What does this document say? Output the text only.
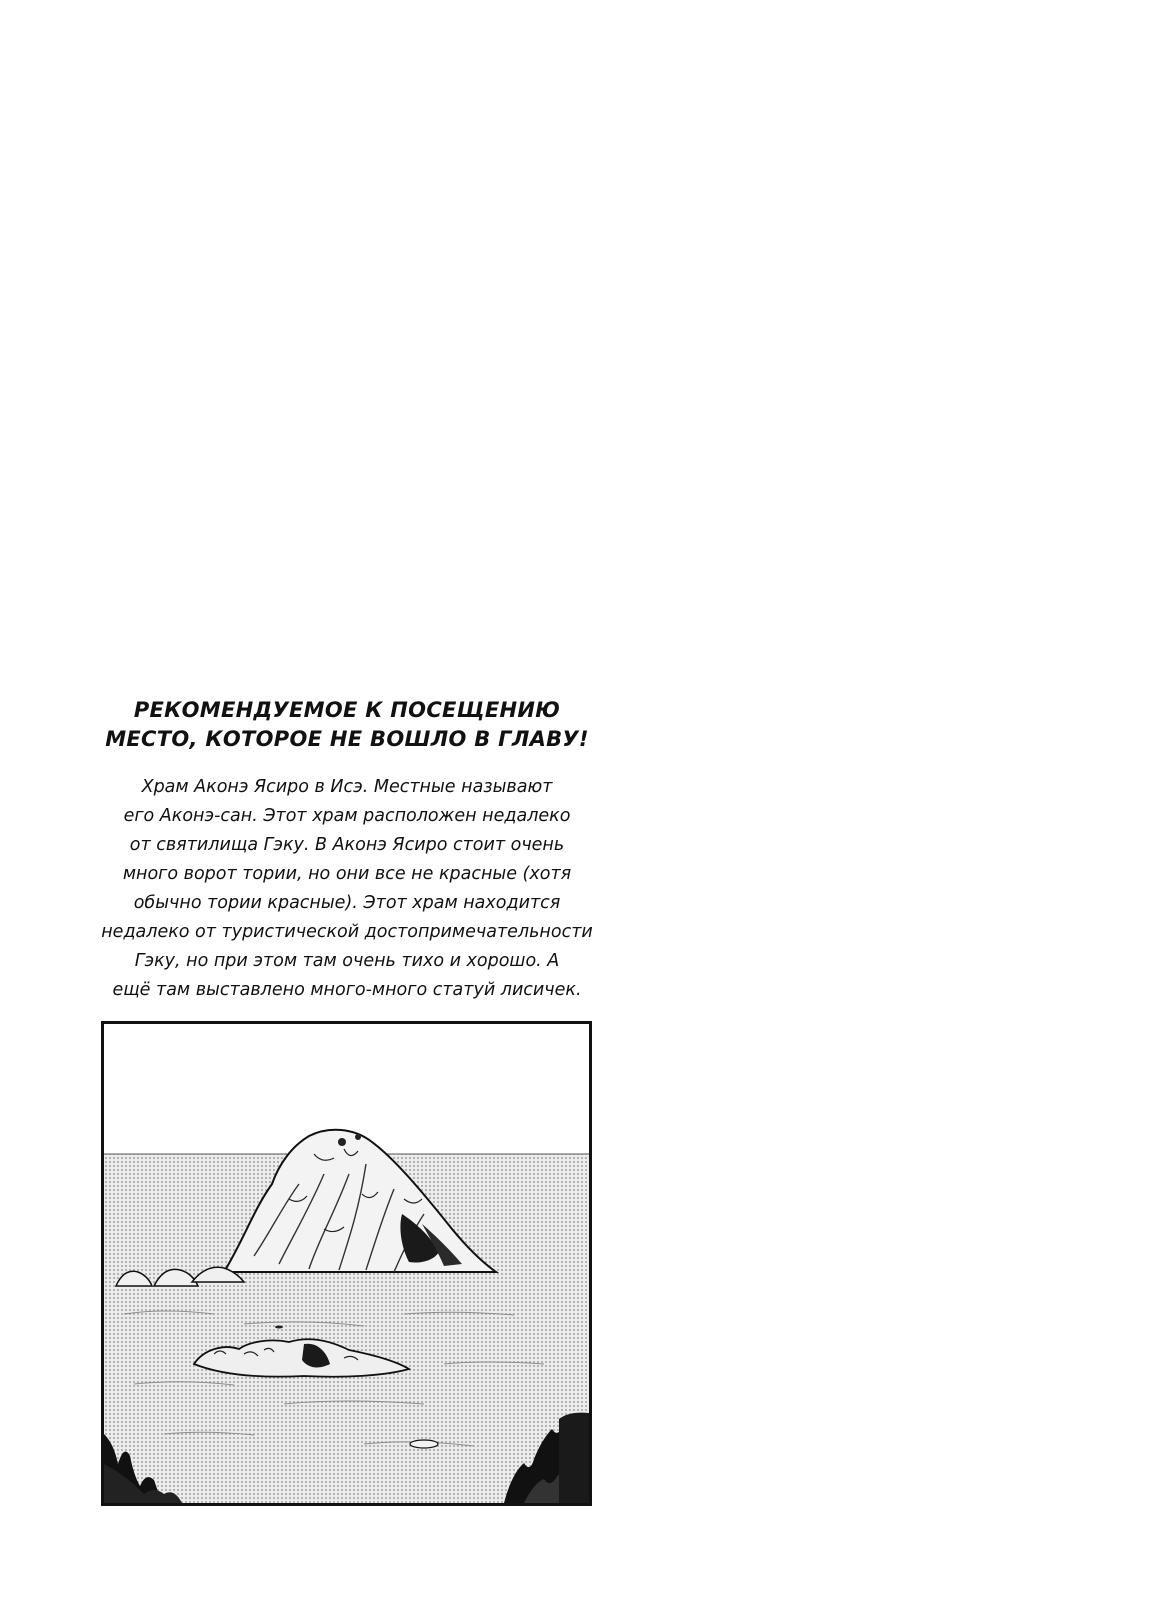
РЕКОМЕНДУЕМОЕ К ПОСЕЩЕНИЮ
МЕСТО, КОТОРОЕ НЕ ВОШЛО В ГЛАВУ!
Храм Аконэ Ясиро в Исэ. Местные называют
его Аконэ-сан. Этот храм расположен недалеко
от святилища Гэку. В Аконэ Ясиро стоит очень
много ворот тории, но они все не красные (хотя
обычно тории красные). Этот храм находится
недалеко от туристической достопримечательности
Гэку, но при этом там очень тихо и хорошо. А
ещё там выставлено много-много статуй лисичек.
